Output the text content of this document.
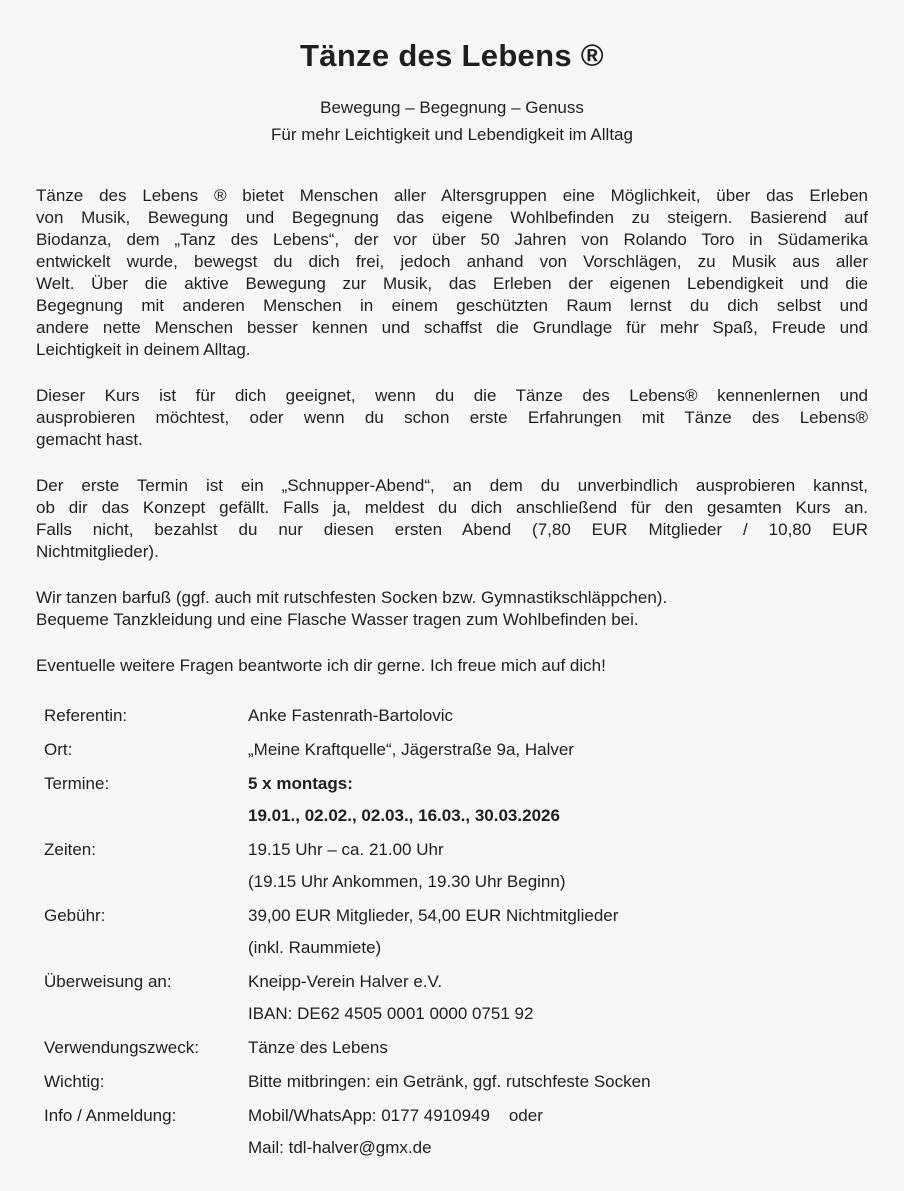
Tänze des Lebens ®
Bewegung – Begegnung – Genuss
Für mehr Leichtigkeit und Lebendigkeit im Alltag
Tänze des Lebens ® bietet Menschen aller Altersgruppen eine Möglichkeit, über das Erleben
von Musik, Bewegung und Begegnung das eigene Wohlbefinden zu steigern. Basierend auf
Biodanza, dem „Tanz des Lebens“, der vor über 50 Jahren von Rolando Toro in Südamerika
entwickelt wurde, bewegst du dich frei, jedoch anhand von Vorschlägen, zu Musik aus aller
Welt. Über die aktive Bewegung zur Musik, das Erleben der eigenen Lebendigkeit und die
Begegnung mit anderen Menschen in einem geschützten Raum lernst du dich selbst und
andere nette Menschen besser kennen und schaffst die Grundlage für mehr Spaß, Freude und
Leichtigkeit in deinem Alltag.
Dieser Kurs ist für dich geeignet, wenn du die Tänze des Lebens® kennenlernen und
ausprobieren möchtest, oder wenn du schon erste Erfahrungen mit Tänze des Lebens®
gemacht hast.
Der erste Termin ist ein „Schnupper-Abend“, an dem du unverbindlich ausprobieren kannst,
ob dir das Konzept gefällt. Falls ja, meldest du dich anschließend für den gesamten Kurs an.
Falls nicht, bezahlst du nur diesen ersten Abend (7,80 EUR Mitglieder / 10,80 EUR
Nichtmitglieder).
Wir tanzen barfuß (ggf. auch mit rutschfesten Socken bzw. Gymnastikschläppchen).
Bequeme Tanzkleidung und eine Flasche Wasser tragen zum Wohlbefinden bei.
Eventuelle weitere Fragen beantworte ich dir gerne. Ich freue mich auf dich!
Referentin:	Anke Fastenrath-Bartolovic
Ort:	„Meine Kraftquelle“, Jägerstraße 9a, Halver
Termine:	5 x montags:
19.01., 02.02., 02.03., 16.03., 30.03.2026
Zeiten:	19.15 Uhr – ca. 21.00 Uhr
(19.15 Uhr Ankommen, 19.30 Uhr Beginn)
Gebühr:	39,00 EUR Mitglieder, 54,00 EUR Nichtmitglieder
(inkl. Raummiete)
Überweisung an:	Kneipp-Verein Halver e.V.
IBAN: DE62 4505 0001 0000 0751 92
Verwendungszweck:	Tänze des Lebens
Wichtig:	Bitte mitbringen: ein Getränk, ggf. rutschfeste Socken
Info / Anmeldung:	Mobil/WhatsApp: 0177 4910949    oder
Mail: tdl-halver@gmx.de
